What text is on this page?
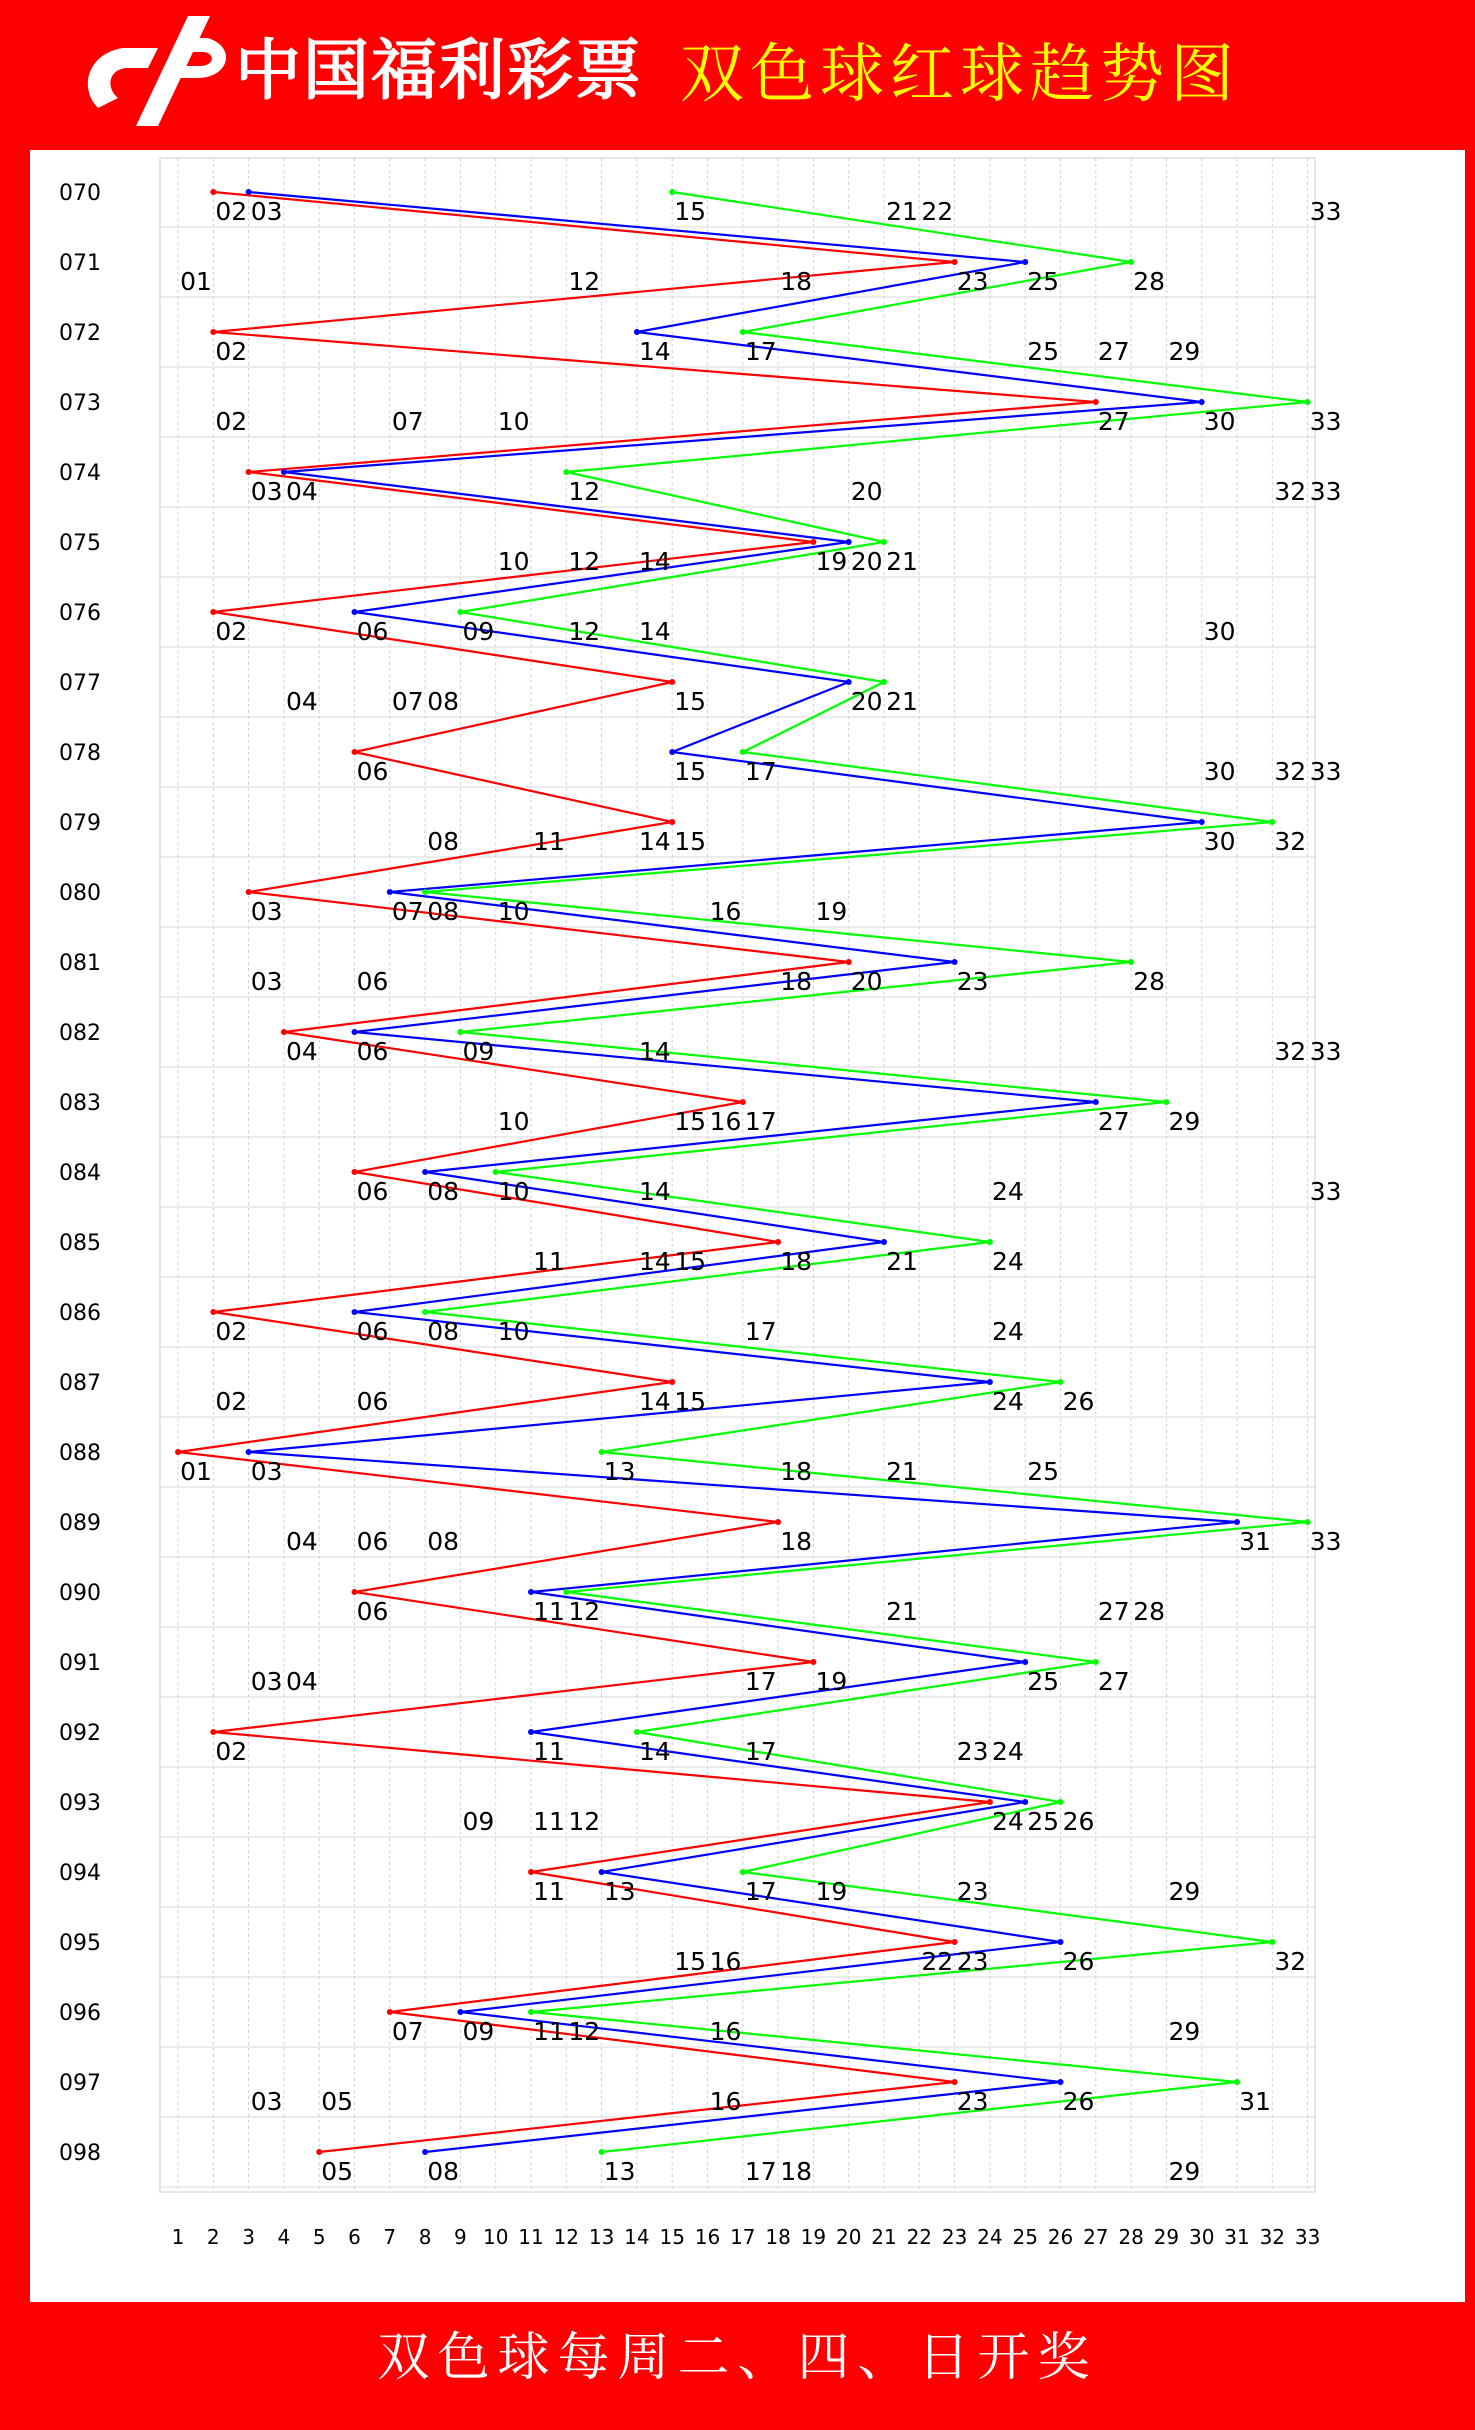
中国福利彩票 双色球红球趋势图
070
071
072
073
074
075
076
077
078
079
080
081
082
083
084
085
086
087
088
089
090
091
092
093
094
095
096
097
098
1 2 3 4 5 6 7 8 9 10 11 12 13 14 15 16 17 18 19 20 21 22 23 24 25 26 27 28 29 30 31 32 33
02 03	15	21 22	33
01	12	18	23 25	28
02	14	17	25 27 29
02	07	10	27	30	33
03 04	12	20	32 33
10 12 14	19 20 21
02	06	09	12 14	30
04	07 08	15	20 21
06	15 17	30 32 33
08	11	14 15	30 32
03	07 08 10	16	19
03	06	18 20	23	28
04 06	09	14	32 33
10	15 16 17	27 29
06 08 10	14	24	33
11	14 15	18	21	24
02	06 08 10	17	24
02	06	14 15	24 26
01 03	13	18	21	25
04 06 08	18	31 33
06	11 12	21	27 28
03 04	17 19	25 27
02	11	14	17	23 24
09 11 12	24 25 26
11 13	17 19	23	29
15 16	22 23	26	32
07 09 11 12	16	29
03 05	16	23	26	31
05	08	13	17 18	29
双色球每周二、四、日开奖
